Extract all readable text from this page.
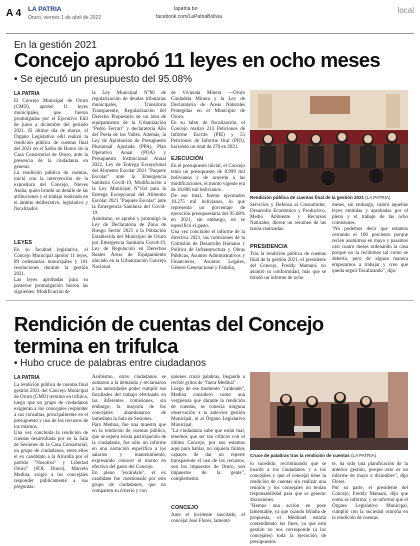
A 4 LA PATRIA
Oruro, viernes 1 de abril de 2022
lapatria.bo
facebook.com/LaPatriaBolivia
local
En la gestión 2021
Concejo aprobó 11 leyes en ocho meses
• Se ejecutó un presupuesto del 95.08%
LA PATRIA
El Concejo Municipal de Oruro (CMO), aprobó 11 leyes municipales, que fueron promulgadas por el Ejecutivo Edil de junio a diciembre del periodo 2021. El último día de marzo, el Órgano Legislativo edil realizó la rendición pública de cuentas final del 2021 en el Salón de Honor de la Casa Consistorial de Oruro, ante la presencia de la ciudadanía en general.
La rendición pública de cuentas, inició con la intervención de la expositora del Concejo, Nieves Andia, quien brindó un detalle de las atribuciones y el trabajo realizado en el ámbito deliberativo, legislativo y fiscalizador.
LEYES
En su facultad legislativa, el Concejo Municipal aprobó 11 leyes, 89 ordenanzas municipales y 181 resoluciones durante la gestión 2021.
Las leyes aprobadas para su posterior promulgación fueron las siguientes: Modificación de
la Ley Municipal N°80 de regularización de deudas tributarias municipales, Transitoria Transparente, Regularización del Derecho Propietario de un área de equipamiento de la Urbanización "Pedro Ferrari" y declaratoria Año del Poeta de los Valles. Además, la Ley de Aprobación de Presupuesto Plurianual Ajustado (PPA), Plan Operativo Anual (POA) y Presupuesto Institucional Anual 2022, Ley de Entrega Excepcional del Alimento Escolar 2021 "Paquete Escolar" ante la Emergencia Sanitaria Covid-19, Modificación a la Ley Municipal N°104 para la Entrega Excepcional del Alimento Escolar 2021 "Paquete Escolar" ante la Emergencia Sanitaria del Covid-19.
Asimismo, se aprobó y promulgó la Ley de Declaratoria de Zona de Riesgo Sector 2021 a la Población Establecida del Municipio de Oruro por Emergencia Sanitaria Covid-19, Ley de Regulación en Derechos Reales Áreas de Equipamiento ubicado en la Urbanización Concejo Nacional
de Vivienda Minera —Oruro Ciudadela Minera y la Ley de Declaratoria de Áreas Naturales Protegidas en el Municipio de Oruro.
En su labor de fiscalización, el Concejo realizó 213 Peticiones de Informe Escrito (PIE) y 55 Peticiones de Informe Oral (PIO), haciendo un total de 270 en 2021.
EJECUCIÓN
En el presupuesto inicial, el Concejo tenía un presupuesto de 8.999 mil bolivianos y de acuerdo a las modificaciones, el monto vigente era de 10.806 mil bolivianos.
De ese total, fueron ejecutados 10.275 mil bolivianos, lo que representa un porcentaje de ejecución presupuestaria del 95.08% en 2021, sin embargo, no se especificó el gasto.
Una vez concluido el informe de la directiva 2021, las comisiones de la Comisión de Desarrollo Humano y Política de Infraestructura y Obras Públicas, Asuntos Administrativos y Financieros, Asuntos Legales, Género Generacional y Familia,
Rendición pública de cuentas final de la gestión 2021 (LA PATRIA)
Servicios y Defensa al Consumidor, Desarrollo Económico y Productivo, Medio Ambiente y Recursos Naturales, dieron un resumen de las tareas realizadas.
PRESIDENCIA
Tras la rendición pública de cuentas final de la gestión 2021, el presidente del Concejo, Freddy Mamani, no asumió su conformidad, más que se brindó un informe de ocho
meses, sin embargo, valoró aquellas leyes emitidas y aprobadas por el pleno y el trabajo de las ocho comisiones.
"No podemos decir que estamos cerrando el 100 porciento porque recién asumimos en mayo y pasamos casi cuatro meses ordenando la casa porque no la recibimos tal como se debería, pero de alguna manera empezamos a trabajar y creo que queda seguir fiscalizando", dijo.
Rendición de cuentas del Concejo termina en trifulca
• Hubo cruce de palabras entre ciudadanos
LA PATRIA
La rendición pública de cuentas final gestión 2021 del Concejo Municipal de Oruro (CMO) terminó en trifulca, luego que un grupo de ciudadanos exigieran a los concejales responder a sus consultas, principalmente en el presupuesto y uso de los recursos de los mismos.
Una vez concluida la rendición de cuentas desarrollada por en la Sala de Sesiones de la Casa Consistorial, un grupo de ciudadanos, entre ellos el ex candidato a la Alcaldía por el partido "Nosotros" y Libertad Oruro" (SOL Oruro), Marcelo Medina, exigió a los concejales responder públicamente a sus preguntas.
Asimismo, otros ciudadanos se sumaron a la demanda y reclamaron a las autoridades poder cumplir sus facultades del trabajo efectuado en las diferentes comisiones, sin embargo, la mayoría de los concejales abandonaron de inmediato la Sala de Sesiones.
Para Medina, fue una muestra que en la rendición de cuentas pública, que se espera exista participación de la ciudadanía, fue sólo un informe en una narración específica a los salarios y mantenimiento, expresando conocer el monto en efectivo del gasto del Concejo.
En pleno "escándalo", el ex candidato fue cuestionado por otro grupo de ciudadanos, que no comparten su criterio y con
quienes cruzó palabras, llegando a recibir gritos de "fuera Medina!".
Luego de ese momento "caldeado", Medina consideró como una vergüenza que durante la rendición de cuentas, se conocía ninguna observación a la ante-rior gestión Municipal, ni al Órgano Legislativo Municipal.
"La ciudadanía sabe que están mal, tenemos que ser tan críticos con el último Concejo, por eso estamos aquí para hablar, no siquiera fuimos capaces de dar un reporte transparente el uso de los recursos, son los impuestos de Oruro, son impuestos de la gente", complementó.
CONCEJO
Ante el incidente suscitado, el concejal José Flores, lamentó
Cruce de palabras tras la rendición de cuentas (LA PATRIA)
lo sucedido, recriminando que se insultó a los ciudadanos y a los concejales y que el concejal tiene la rendición de cuentas sin realizar una reunión y los consejales no tenían responsabilidad para que se generar discusiones.
"Hemos una acción en pose lamentable, ya que cuando brilaba de propuesta, el Medinael estaría contendiendo los fines, ya que está gestión no nos corresponde (a los concejales) toda la ejecución de presupuestos
te, ha sido una planificación de la anterior gestión, porque esto es un informe de mayo a diciembre", dijo Flores.
Por su parte, el presidente del Concejo, Freddy Mamani, dijo que como se informó, y se informó que el Órgano Legislativo Municipal, cumplió con la sociedad oruroña en la rendición de cuentas.
